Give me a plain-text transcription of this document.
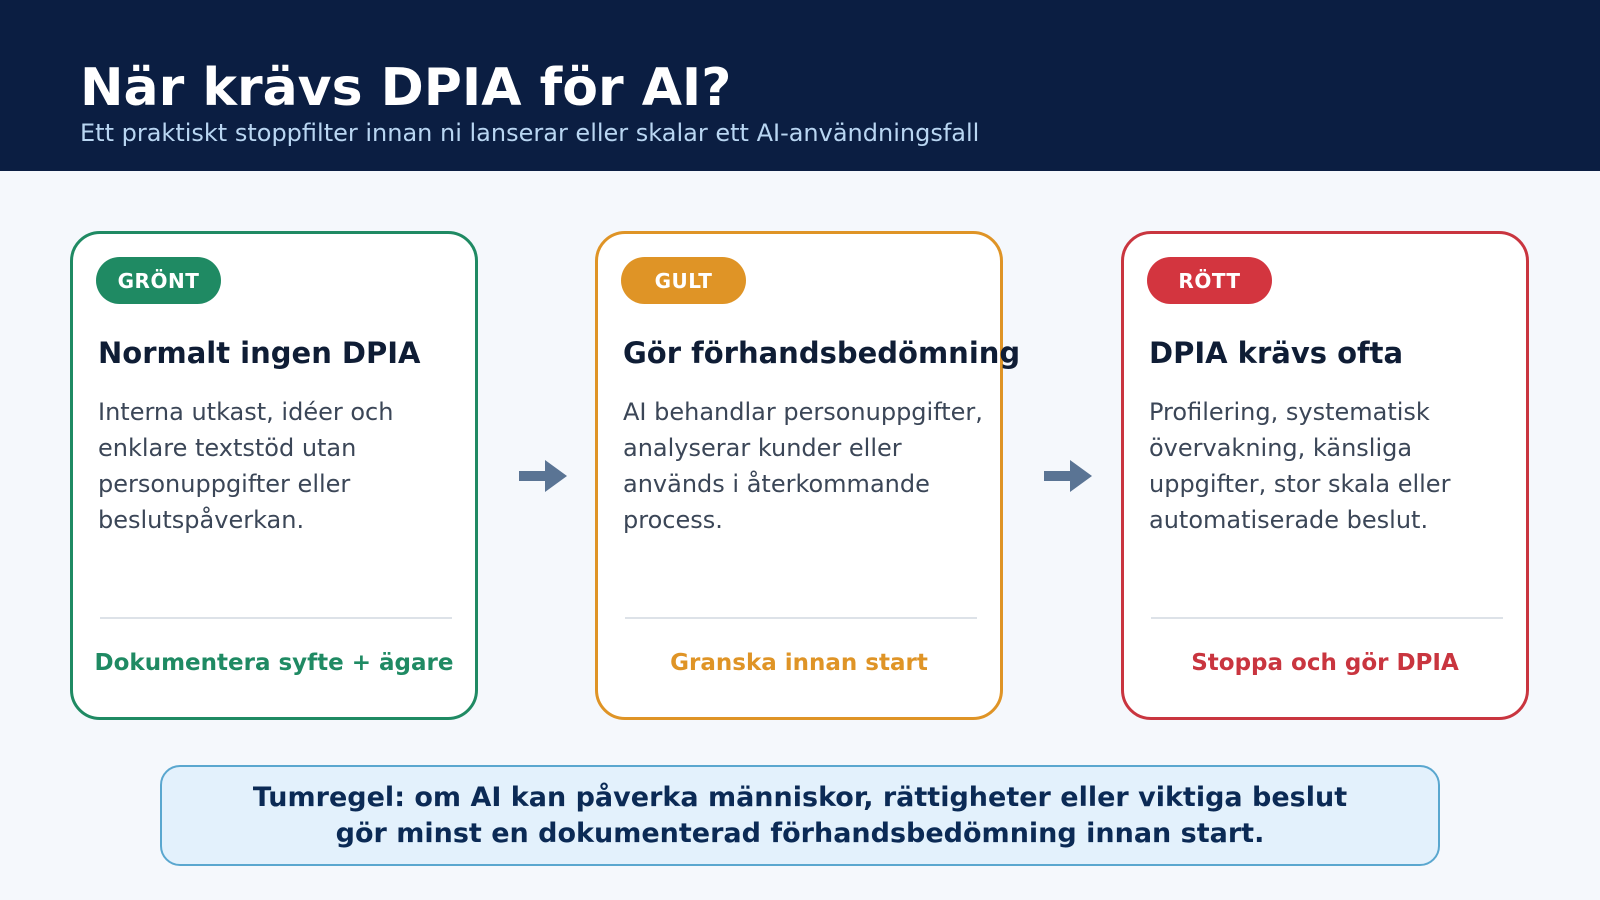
När krävs DPIA för AI?
Ett praktiskt stoppfilter innan ni lanserar eller skalar ett AI-användningsfall
GRÖNT
Normalt ingen DPIA
Interna utkast, idéer och enklare textstöd utan personuppgifter eller beslutspåverkan.
Dokumentera syfte + ägare
GULT
Gör förhandsbedömning
AI behandlar personuppgifter, analyserar kunder eller används i återkommande process.
Granska innan start
RÖTT
DPIA krävs ofta
Profilering, systematisk övervakning, känsliga uppgifter, stor skala eller automatiserade beslut.
Stoppa och gör DPIA
Tumregel: om AI kan påverka människor, rättigheter eller viktiga beslut
gör minst en dokumenterad förhandsbedömning innan start.
